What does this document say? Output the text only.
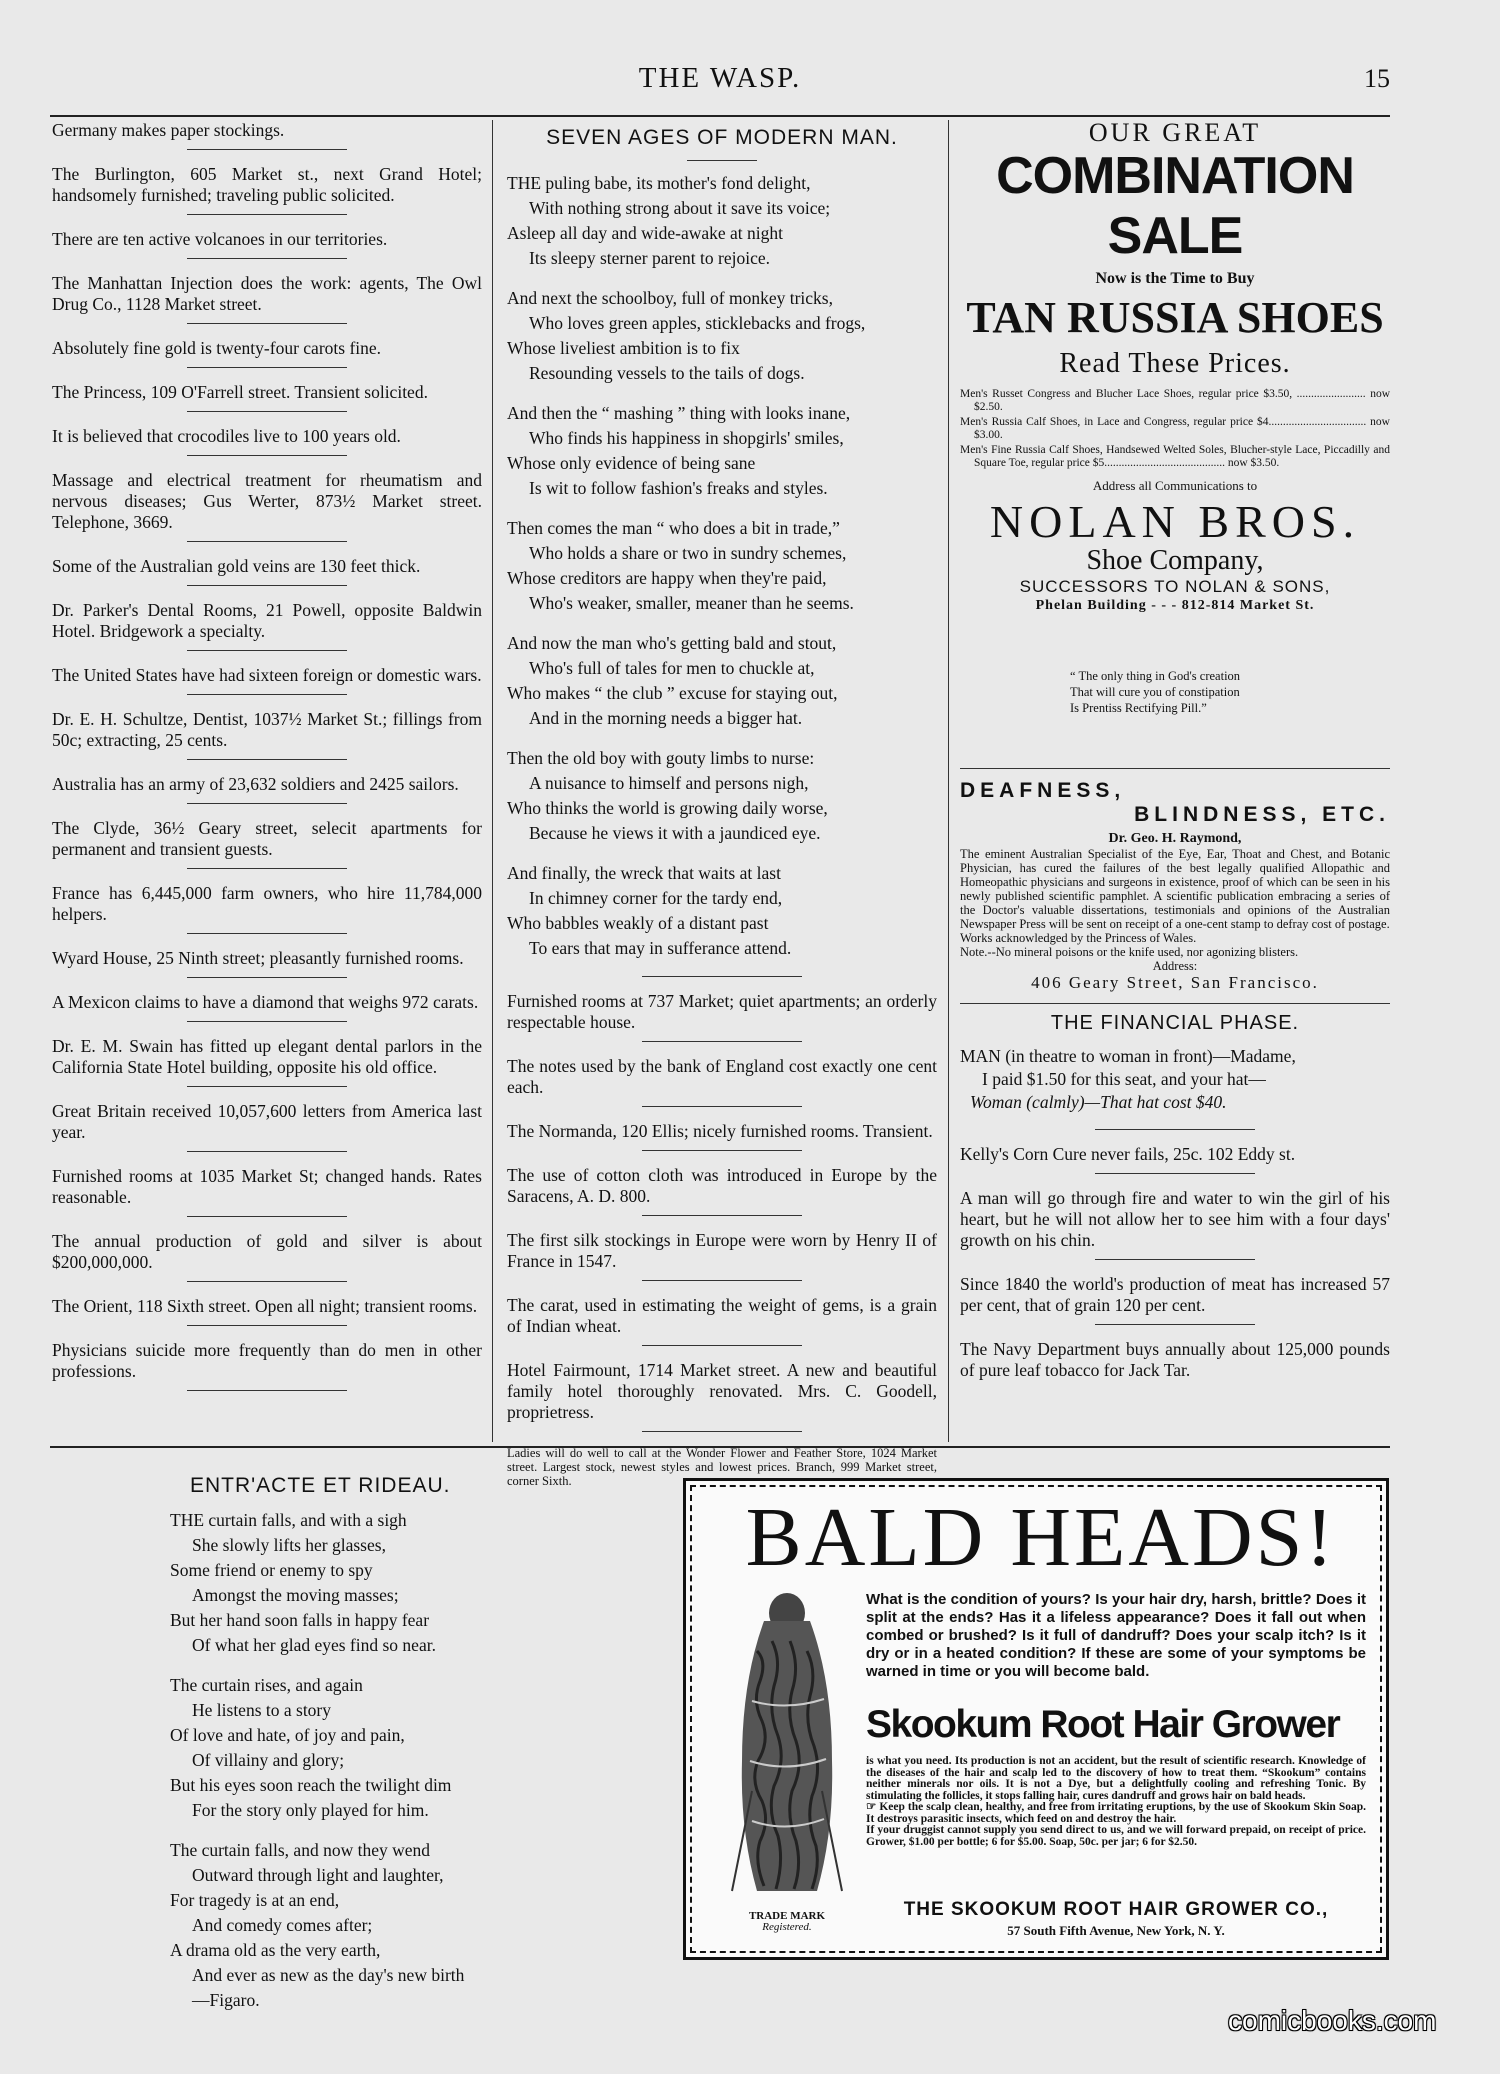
THE WASP.	15

Germany makes paper stockings.

The Burlington, 605 Market st., next Grand Hotel; handsomely furnished; traveling public solicited.

There are ten active volcanoes in our territories.

The Manhattan Injection does the work: agents, The Owl Drug Co., 1128 Market street.

Absolutely fine gold is twenty-four carots fine.

The Princess, 109 O'Farrell street. Transient solicited.

It is believed that crocodiles live to 100 years old.

Massage and electrical treatment for rheumatism and nervous diseases; Gus Werter, 873½ Market street. Telephone, 3669.

Some of the Australian gold veins are 130 feet thick.

Dr. Parker's Dental Rooms, 21 Powell, opposite Baldwin Hotel. Bridgework a specialty.

The United States have had sixteen foreign or domestic wars.

Dr. E. H. Schultze, Dentist, 1037½ Market St.; fillings from 50c; extracting, 25 cents.

Australia has an army of 23,632 soldiers and 2425 sailors.

The Clyde, 36½ Geary street, selecit apartments for permanent and transient guests.

France has 6,445,000 farm owners, who hire 11,784,000 helpers.

Wyard House, 25 Ninth street; pleasantly furnished rooms.

A Mexicon claims to have a diamond that weighs 972 carats.

Dr. E. M. Swain has fitted up elegant dental parlors in the California State Hotel building, opposite his old office.

Great Britain received 10,057,600 letters from America last year.

Furnished rooms at 1035 Market St; changed hands. Rates reasonable.

The annual production of gold and silver is about $200,000,000.

The Orient, 118 Sixth street. Open all night; transient rooms.

Physicians suicide more frequently than do men in other professions.

SEVEN AGES OF MODERN MAN.
THE puling babe, its mother's fond delight,
With nothing strong about it save its voice;
Asleep all day and wide-awake at night
Its sleepy sterner parent to rejoice.
And next the schoolboy, full of monkey tricks,
Who loves green apples, sticklebacks and frogs,
Whose liveliest ambition is to fix
Resounding vessels to the tails of dogs.
And then the “ mashing ” thing with looks inane,
Who finds his happiness in shopgirls' smiles,
Whose only evidence of being sane
Is wit to follow fashion's freaks and styles.
Then comes the man “ who does a bit in trade,”
Who holds a share or two in sundry schemes,
Whose creditors are happy when they're paid,
Who's weaker, smaller, meaner than he seems.
And now the man who's getting bald and stout,
Who's full of tales for men to chuckle at,
Who makes “ the club ” excuse for staying out,
And in the morning needs a bigger hat.
Then the old boy with gouty limbs to nurse:
A nuisance to himself and persons nigh,
Who thinks the world is growing daily worse,
Because he views it with a jaundiced eye.
And finally, the wreck that waits at last
In chimney corner for the tardy end,
Who babbles weakly of a distant past
To ears that may in sufferance attend.

Furnished rooms at 737 Market; quiet apartments; an orderly respectable house.

The notes used by the bank of England cost exactly one cent each.

The Normanda, 120 Ellis; nicely furnished rooms. Transient.

The use of cotton cloth was introduced in Europe by the Saracens, A. D. 800.

The first silk stockings in Europe were worn by Henry II of France in 1547.

The carat, used in estimating the weight of gems, is a grain of Indian wheat.

Hotel Fairmount, 1714 Market street. A new and beautiful family hotel thoroughly renovated. Mrs. C. Goodell, proprietress.

Ladies will do well to call at the Wonder Flower and Feather Store, 1024 Market street. Largest stock, newest styles and lowest prices. Branch, 999 Market street, corner Sixth.
OUR GREAT
COMBINATION SALE
Now is the Time to Buy
TAN RUSSIA SHOES
Read These Prices.
Men's Russet Congress and Blucher Lace Shoes, regular price $3.50, ........................ now $2.50.
Men's Russia Calf Shoes, in Lace and Congress, regular price $4.................................. now $3.00.
Men's Fine Russia Calf Shoes, Handsewed Welted Soles, Blucher-style Lace, Piccadilly and Square Toe, regular price $5.......................................... now $3.50.
Address all Communications to
NOLAN BROS.
Shoe Company,
SUCCESSORS TO NOLAN & SONS,
Phelan Building - - - 812-814 Market St.
“ The only thing in God's creation
That will cure you of constipation
Is Prentiss Rectifying Pill.”
DEAFNESS,
BLINDNESS, ETC.
Dr. Geo. H. Raymond,
The eminent Australian Specialist of the Eye, Ear, Thoat and Chest, and Botanic Physician, has cured the failures of the best legally qualified Allopathic and Homeopathic physicians and surgeons in existence, proof of which can be seen in his newly published scientific pamphlet. A scientific publication embracing a series of the Doctor's valuable dissertations, testimonials and opinions of the Australian Newspaper Press will be sent on receipt of a one-cent stamp to defray cost of postage.
Works acknowledged by the Princess of Wales.
Note.--No mineral poisons or the knife used, nor agonizing blisters.
Address:
406 Geary Street, San Francisco.
THE FINANCIAL PHASE.
MAN (in theatre to woman in front)—Madame,
I paid $1.50 for this seat, and your hat—
Woman (calmly)—That hat cost $40.

Kelly's Corn Cure never fails, 25c. 102 Eddy st.

A man will go through fire and water to win the girl of his heart, but he will not allow her to see him with a four days' growth on his chin.

Since 1840 the world's production of meat has increased 57 per cent, that of grain 120 per cent.

The Navy Department buys annually about 125,000 pounds of pure leaf tobacco for Jack Tar.

ENTR'ACTE ET RIDEAU.
THE curtain falls, and with a sigh
She slowly lifts her glasses,
Some friend or enemy to spy
Amongst the moving masses;
But her hand soon falls in happy fear
Of what her glad eyes find so near.
The curtain rises, and again
He listens to a story
Of love and hate, of joy and pain,
Of villainy and glory;
But his eyes soon reach the twilight dim
For the story only played for him.
The curtain falls, and now they wend
Outward through light and laughter,
For tragedy is at an end,
And comedy comes after;
A drama old as the very earth,
And ever as new as the day's new birth—Figaro.
BALD HEADS!
What is the condition of yours? Is your hair dry, harsh, brittle? Does it split at the ends? Has it a lifeless appearance? Does it fall out when combed or brushed? Is it full of dandruff? Does your scalp itch? Is it dry or in a heated condition? If these are some of your symptoms be warned in time or you will become bald.
Skookum Root Hair Grower
is what you need. Its production is not an accident, but the result of scientific research. Knowledge of the diseases of the hair and scalp led to the discovery of how to treat them. “Skookum” contains neither minerals nor oils. It is not a Dye, but a delightfully cooling and refreshing Tonic. By stimulating the follicles, it stops falling hair, cures dandruff and grows hair on bald heads.
☞ Keep the scalp clean, healthy, and free from irritating eruptions, by the use of Skookum Skin Soap. It destroys parasitic insects, which feed on and destroy the hair.
If your druggist cannot supply you send direct to us, and we will forward prepaid, on receipt of price. Grower, $1.00 per bottle; 6 for $5.00. Soap, 50c. per jar; 6 for $2.50.
THE SKOOKUM ROOT HAIR GROWER CO.,
57 South Fifth Avenue, New York, N. Y.
TRADE MARK
Registered.
comicbooks.com
